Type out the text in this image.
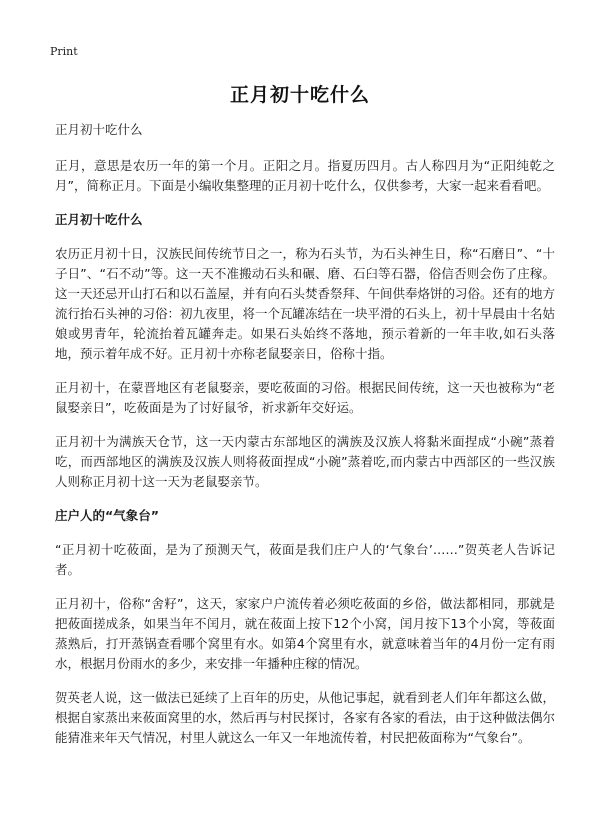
Print
正月初十吃什么

正月初十吃什么

正月，意思是农历一年的第一个月。正阳之月。指夏历四月。古人称四月为“正阳纯乾之月”，简称正月。下面是小编收集整理的正月初十吃什么，仅供参考，大家一起来看看吧。

正月初十吃什么

农历正月初十日，汉族民间传统节日之一，称为石头节，为石头神生日，称“石磨日”、“十子日”、“石不动”等。这一天不准搬动石头和碾、磨、石臼等石器，俗信否则会伤了庄稼。这一天还忌开山打石和以石盖屋，并有向石头焚香祭拜、午间供奉烙饼的习俗。还有的地方流行抬石头神的习俗：初九夜里，将一个瓦罐冻结在一块平滑的石头上，初十早晨由十名姑娘或男青年，轮流抬着瓦罐奔走。如果石头始终不落地，预示着新的一年丰收,如石头落地，预示着年成不好。正月初十亦称老鼠娶亲日，俗称十指。

正月初十，在蒙晋地区有老鼠娶亲，要吃莜面的习俗。根据民间传统，这一天也被称为“老鼠娶亲日”，吃莜面是为了讨好鼠爷，祈求新年交好运。

正月初十为满族天仓节，这一天内蒙古东部地区的满族及汉族人将黏米面捏成“小碗”蒸着吃，而西部地区的满族及汉族人则将莜面捏成“小碗”蒸着吃,而内蒙古中西部区的一些汉族人则称正月初十这一天为老鼠娶亲节。

庄户人的“气象台”

“正月初十吃莜面，是为了预测天气，莜面是我们庄户人的‘气象台’……”贺英老人告诉记者。

正月初十，俗称“舍籽”，这天，家家户户流传着必须吃莜面的乡俗，做法都相同，那就是把莜面搓成条，如果当年不闰月，就在莜面上按下12个小窝，闰月按下13个小窝，等莜面蒸熟后，打开蒸锅查看哪个窝里有水。如第4个窝里有水，就意味着当年的4月份一定有雨水，根据月份雨水的多少，来安排一年播种庄稼的情况。

贺英老人说，这一做法已延续了上百年的历史，从他记事起，就看到老人们年年都这么做，根据自家蒸出来莜面窝里的水，然后再与村民探讨，各家有各家的看法，由于这种做法偶尔能猜准来年天气情况，村里人就这么一年又一年地流传着，村民把莜面称为“气象台”。
